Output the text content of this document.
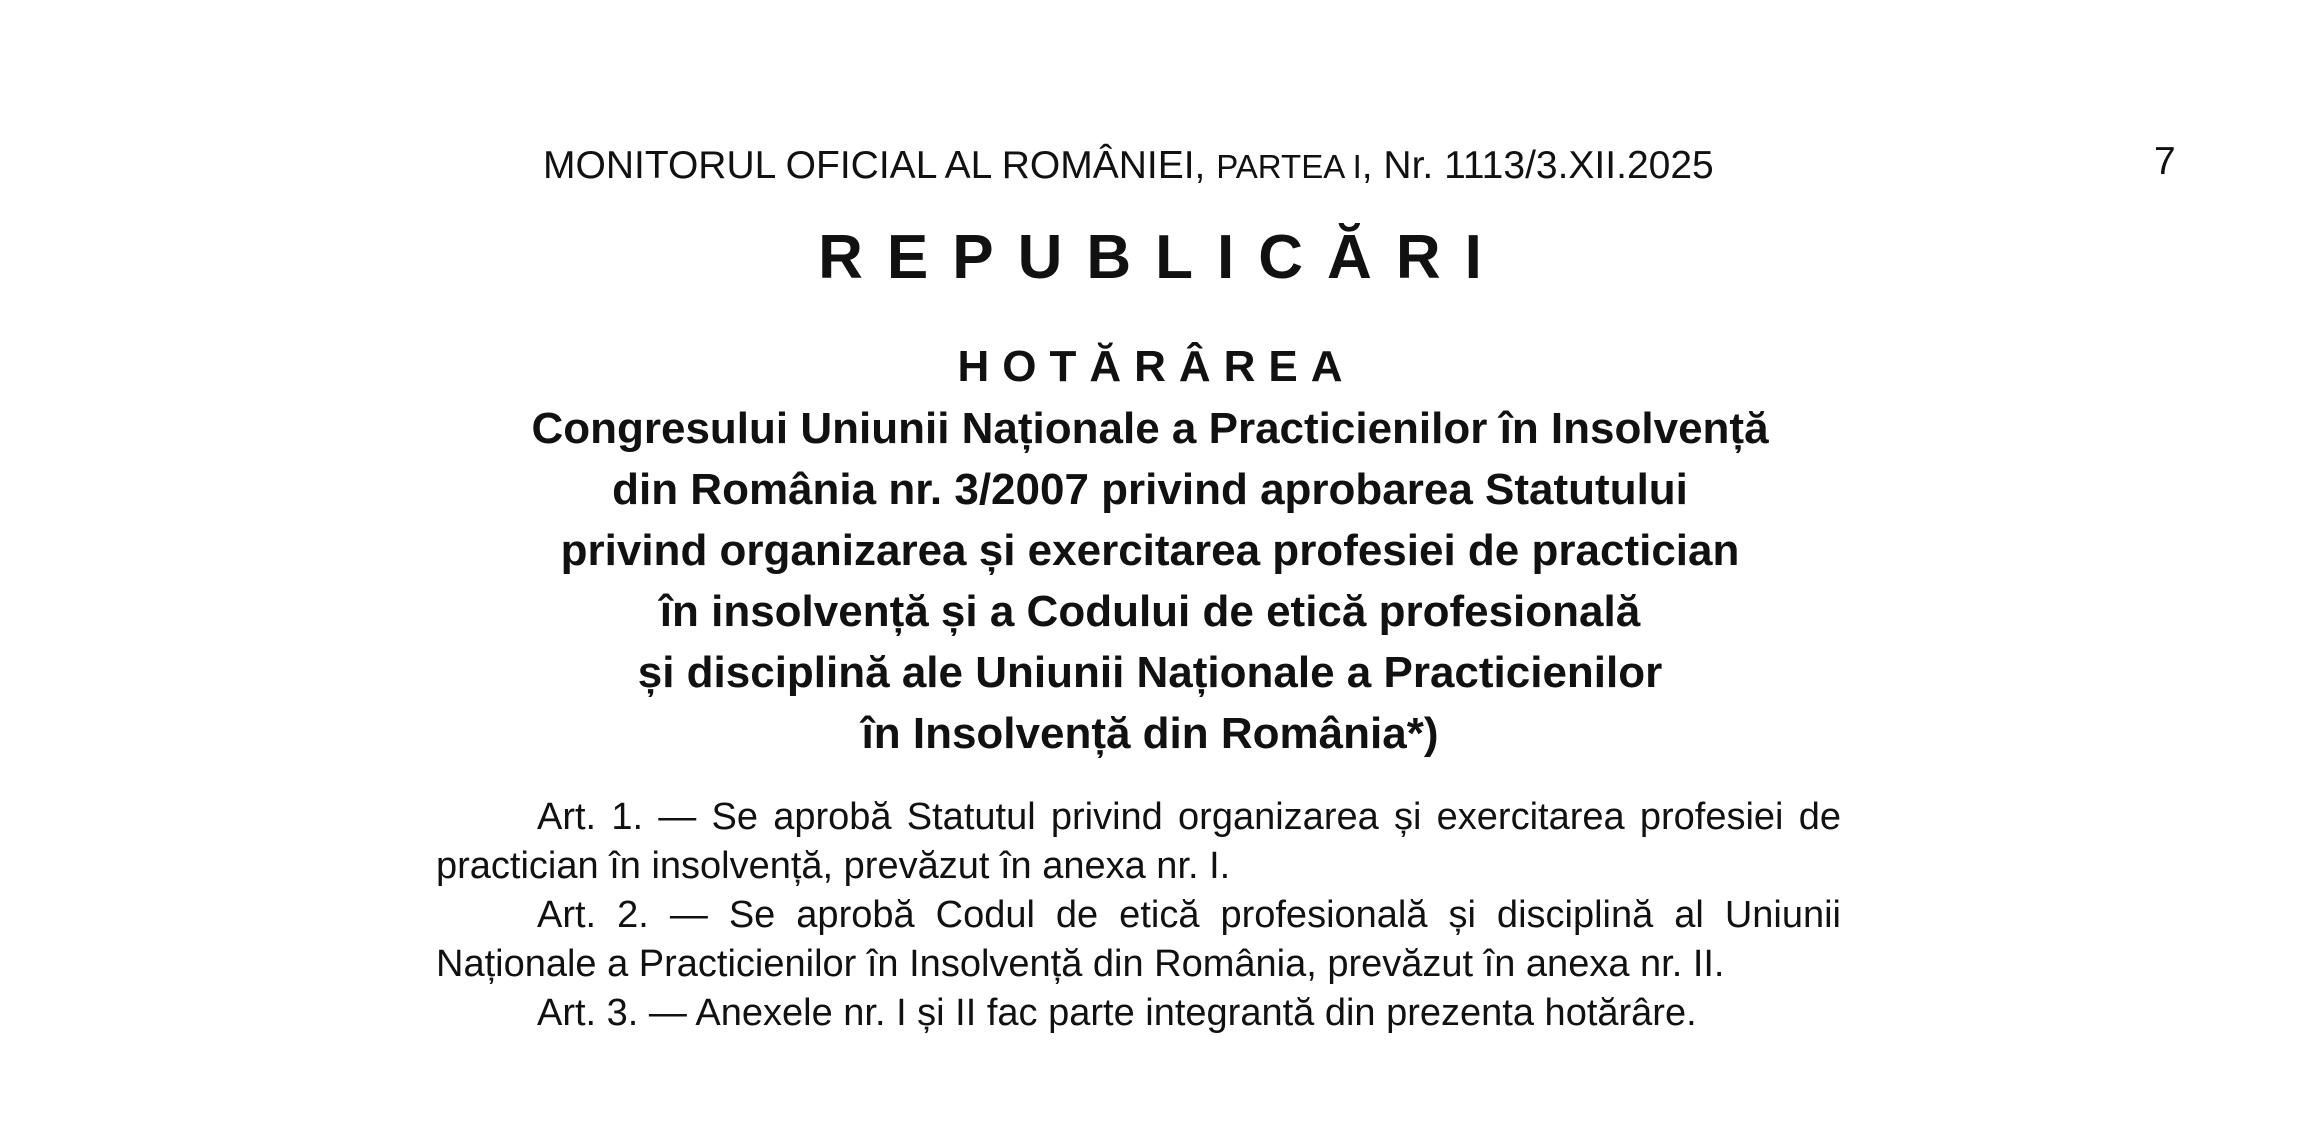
MONITORUL OFICIAL AL ROMÂNIEI, PARTEA I, Nr. 1113/3.XII.2025	7
REPUBLICĂRI
HOTĂRÂREA
Congresului Uniunii Naționale a Practicienilor în Insolvență
din România nr. 3/2007 privind aprobarea Statutului
privind organizarea și exercitarea profesiei de practician
în insolvență și a Codului de etică profesională
și disciplină ale Uniunii Naționale a Practicienilor
în Insolvență din România*)

Art. 1. — Se aprobă Statutul privind organizarea și exercitarea profesiei de practician în insolvență, prevăzut în anexa nr. I.

Art. 2. — Se aprobă Codul de etică profesională și disciplină al Uniunii Naționale a Practicienilor în Insolvență din România, prevăzut în anexa nr. II.

Art. 3. — Anexele nr. I și II fac parte integrantă din prezenta hotărâre.
